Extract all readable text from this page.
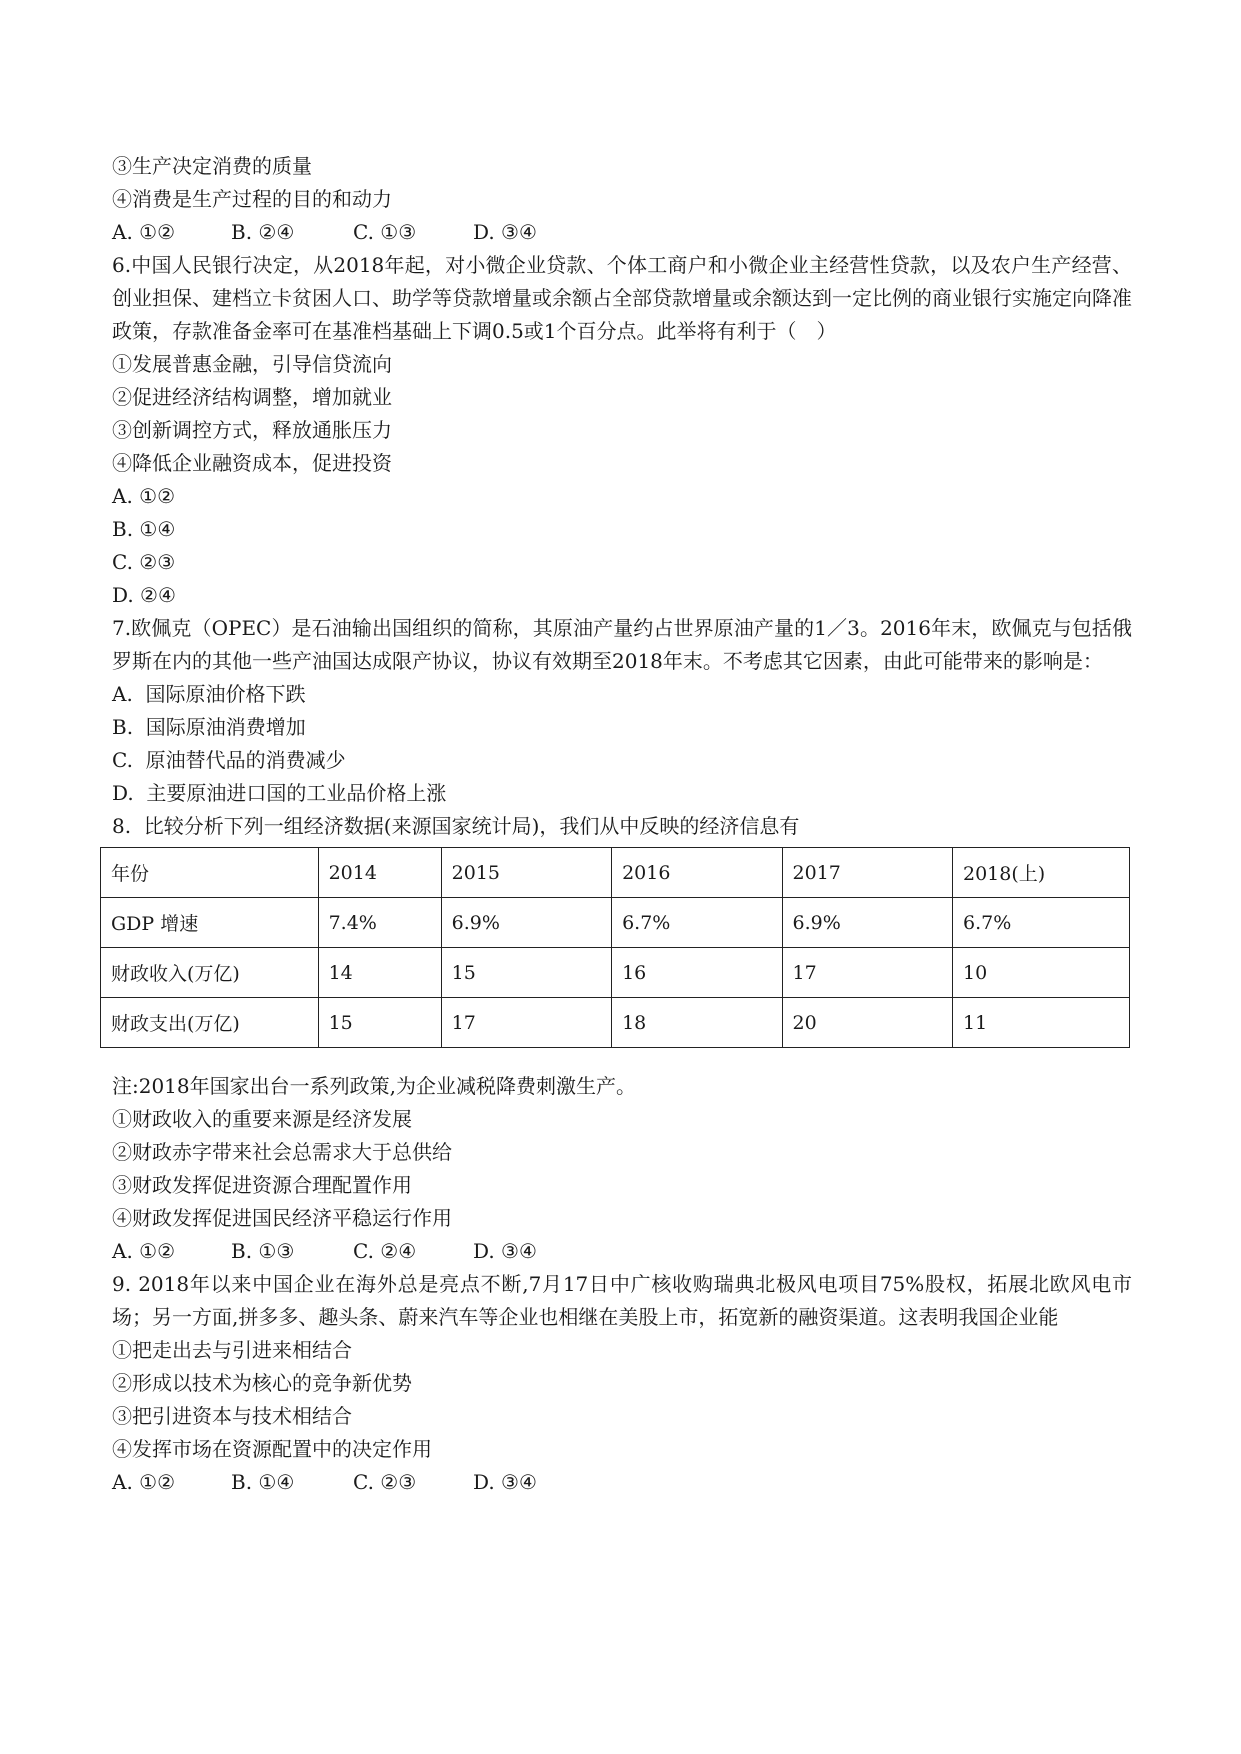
③生产决定消费的质量
④消费是生产过程的目的和动力
A. ①②	B. ②④	C. ①③	D. ③④
6.中国人民银行决定，从2018年起，对小微企业贷款、个体工商户和小微企业主经营性贷款，以及农户生产经营、创业担保、建档立卡贫困人口、助学等贷款增量或余额占全部贷款增量或余额达到一定比例的商业银行实施定向降准政策，存款准备金率可在基准档基础上下调0.5或1个百分点。此举将有利于（　）
①发展普惠金融，引导信贷流向
②促进经济结构调整，增加就业
③创新调控方式，释放通胀压力
④降低企业融资成本，促进投资
A. ①②
B. ①④
C. ②③
D. ②④
7.欧佩克（OPEC）是石油输出国组织的简称，其原油产量约占世界原油产量的1／3。2016年末，欧佩克与包括俄罗斯在内的其他一些产油国达成限产协议，协议有效期至2018年末。不考虑其它因素，由此可能带来的影响是：
A.  国际原油价格下跌
B.  国际原油消费增加
C.  原油替代品的消费减少
D.  主要原油进口国的工业品价格上涨
8.  比较分析下列一组经济数据(来源国家统计局)，我们从中反映的经济信息有
年份	2014	2015	2016	2017	2018(上)
GDP 增速	7.4%	6.9%	6.7%	6.9%	6.7%
财政收入(万亿)	14	15	16	17	10
财政支出(万亿)	15	17	18	20	11
注:2018年国家出台一系列政策,为企业减税降费刺激生产。
①财政收入的重要来源是经济发展
②财政赤字带来社会总需求大于总供给
③财政发挥促进资源合理配置作用
④财政发挥促进国民经济平稳运行作用
A. ①②	B. ①③	C. ②④	D. ③④
9. 2018年以来中国企业在海外总是亮点不断,7月17日中广核收购瑞典北极风电项目75%股权，拓展北欧风电市场；另一方面,拼多多、趣头条、蔚来汽车等企业也相继在美股上市，拓宽新的融资渠道。这表明我国企业能
①把走出去与引进来相结合
②形成以技术为核心的竞争新优势
③把引进资本与技术相结合
④发挥市场在资源配置中的决定作用
A. ①②	B. ①④	C. ②③	D. ③④
